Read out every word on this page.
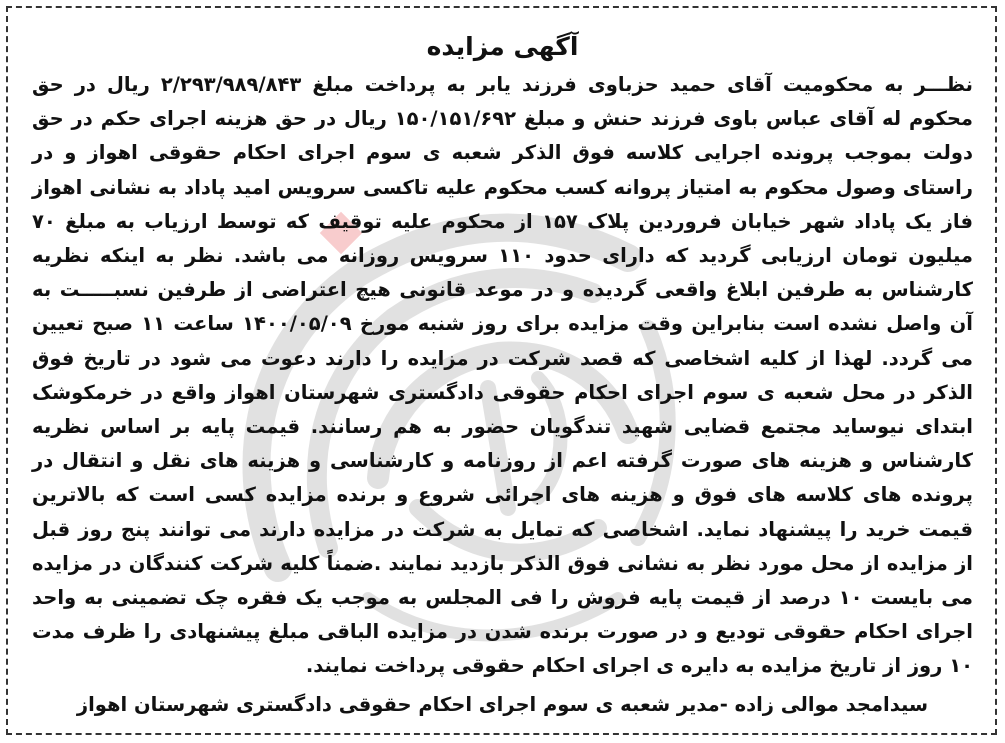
آگهی مزایده

نظـــر به محکومیت آقای حمید حزباوی فرزند یابر به پرداخت مبلغ ۲/۲۹۳/۹۸۹/۸۴۳ ریال در حق محکوم له آقای عباس باوی فرزند حنش و مبلغ ۱۵۰/۱۵۱/۶۹۲ ریال در حق هزینه اجرای حکم در حق دولت بموجب پرونده اجرایی کلاسه فوق الذکر شعبه ی سوم اجرای احکام حقوقی اهواز و در راستای وصول محکوم به امتیاز پروانه کسب محکوم علیه تاکسی سرویس امید پاداد به نشانی اهواز فاز یک پاداد شهر خیابان فروردین پلاک ۱۵۷ از محکوم علیه توقیف که توسط ارزیاب به مبلغ ۷۰ میلیون تومان ارزیابی گردید که دارای حدود ۱۱۰ سرویس روزانه می باشد. نظر به اینکه نظریه کارشناس به طرفین ابلاغ واقعی گردیده و در موعد قانونی هیچ اعتراضی از طرفین نسبـــــت به آن واصل نشده است بنابراین وقت مزایده برای روز شنبه مورخ ۱۴۰۰/۰۵/۰۹ ساعت ۱۱ صبح تعیین می گردد. لهذا از کلیه اشخاصی که قصد شرکت در مزایده را دارند دعوت می شود در تاریخ فوق الذکر در محل شعبه ی سوم اجرای احکام حقوقی دادگستری شهرستان اهواز واقع در خرمکوشک ابتدای نیوساید مجتمع قضایی شهید تندگویان حضور به هم رسانند. قیمت پایه بر اساس نظریه کارشناس و هزینه های صورت گرفته اعم از روزنامه و کارشناسی و هزینه های نقل و انتقال در پرونده های کلاسه های فوق و هزینه های اجرائی شروع و برنده مزایده کسی است که بالاترین قیمت خرید را پیشنهاد نماید. اشخاصی که تمایل به شرکت در مزایده دارند می توانند پنج روز قبل از مزایده از محل مورد نظر به نشانی فوق الذکر بازدید نمایند .ضمناً کلیه شرکت کنندگان در مزایده می بایست ۱۰ درصد از قیمت پایه فروش را فی المجلس به موجب یک فقره چک تضمینی به واحد اجرای احکام حقوقی تودیع و در صورت برنده شدن در مزایده الباقی مبلغ پیشنهادی را ظرف مدت ۱۰ روز از تاریخ مزایده به دایره ی اجرای احکام حقوقی پرداخت نمایند.

سیدامجد موالی زاده -مدیر شعبه ی سوم اجرای احکام حقوقی دادگستری شهرستان اهواز
